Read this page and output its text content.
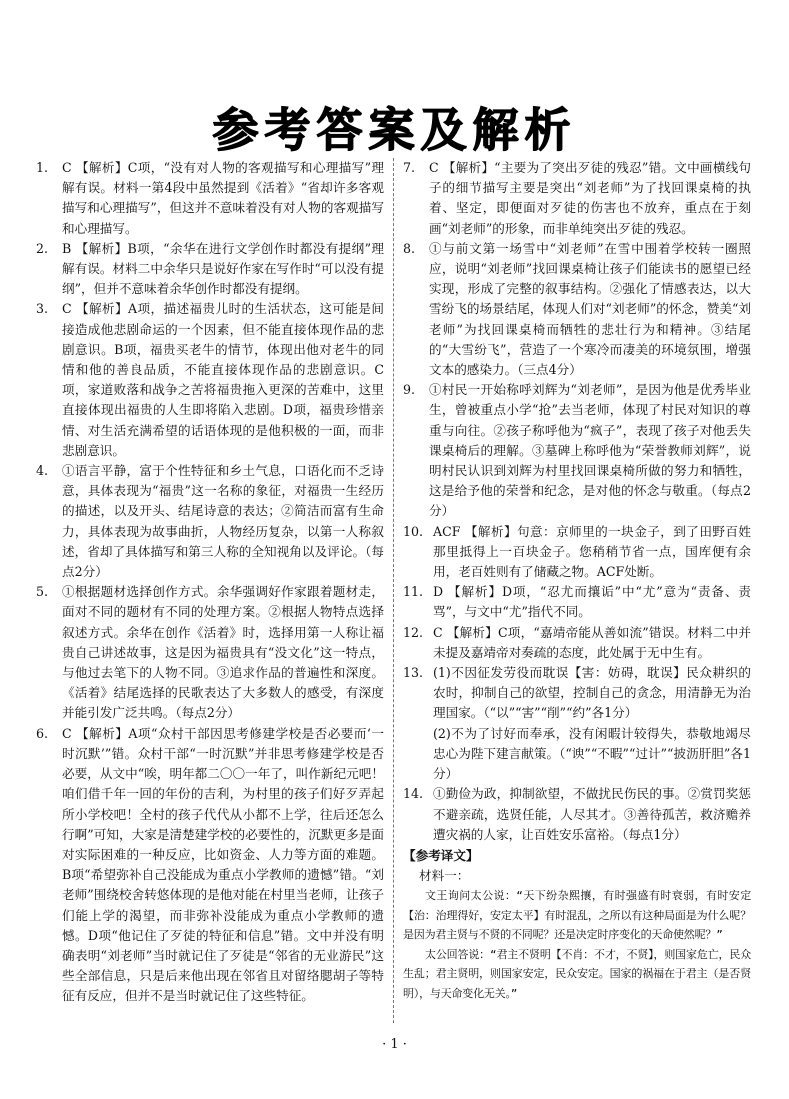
参考答案及解析
1.	C 【解析】C项，“没有对人物的客观描写和心理描写”理解有误。材料一第4段中虽然提到《活着》“省却许多客观描写和心理描写”，但这并不意味着没有对人物的客观描写和心理描写。

2.	B 【解析】B项，“余华在进行文学创作时都没有提纲”理解有误。材料二中余华只是说好作家在写作时“可以没有提纲”，但并不意味着余华创作时都没有提纲。

3.	C 【解析】A项，描述福贵儿时的生活状态，这可能是间接造成他悲剧命运的一个因素，但不能直接体现作品的悲剧意识。B项，福贵买老牛的情节，体现出他对老牛的同情和他的善良品质，不能直接体现作品的悲剧意识。C项，家道败落和战争之苦将福贵拖入更深的苦难中，这里直接体现出福贵的人生即将陷入悲剧。D项，福贵珍惜亲情、对生活充满希望的话语体现的是他积极的一面，而非悲剧意识。

4.	①语言平静，富于个性特征和乡土气息，口语化而不乏诗意，具体表现为“福贵”这一名称的象征，对福贵一生经历的描述，以及开头、结尾诗意的表达；②简洁而富有生命力，具体表现为故事曲折，人物经历复杂，以第一人称叙述，省却了具体描写和第三人称的全知视角以及评论。（每点2分）

5.	①根据题材选择创作方式。余华强调好作家跟着题材走，面对不同的题材有不同的处理方案。②根据人物特点选择叙述方式。余华在创作《活着》时，选择用第一人称让福贵自己讲述故事，这是因为福贵具有“没文化”这一特点，与他过去笔下的人物不同。③追求作品的普遍性和深度。《活着》结尾选择的民歌表达了大多数人的感受，有深度并能引发广泛共鸣。（每点2分）

6.	C 【解析】A项“众村干部因思考修建学校是否必要而‘一时沉默’”错。众村干部“一时沉默”并非思考修建学校是否必要，从文中“唉，明年都二〇〇一年了，叫作新纪元吧！咱们借千年一回的年份的吉利，为村里的孩子们好歹弄起所小学校吧！全村的孩子代代从小都不上学，往后还怎么行啊”可知，大家是清楚建学校的必要性的，沉默更多是面对实际困难的一种反应，比如资金、人力等方面的难题。B项“希望弥补自己没能成为重点小学教师的遗憾”错。“刘老师”围绕校舍转悠体现的是他对能在村里当老师，让孩子们能上学的渴望，而非弥补没能成为重点小学教师的遗憾。D项“他记住了歹徒的特征和信息”错。文中并没有明确表明“刘老师”当时就记住了歹徒是“邻省的无业游民”这些全部信息，只是后来他出现在邻省且对留络腮胡子等特征有反应，但并不是当时就记住了这些特征。

7.	C 【解析】“主要为了突出歹徒的残忍”错。文中画横线句子的细节描写主要是突出“刘老师”为了找回课桌椅的执着、坚定，即便面对歹徒的伤害也不放弃，重点在于刻画“刘老师”的形象，而非单纯突出歹徒的残忍。

8.	①与前文第一场雪中“刘老师”在雪中围着学校转一圈照应，说明“刘老师”找回课桌椅让孩子们能读书的愿望已经实现，形成了完整的叙事结构。②强化了情感表达，以大雪纷飞的场景结尾，体现人们对“刘老师”的怀念，赞美“刘老师”为找回课桌椅而牺牲的悲壮行为和精神。③结尾的“大雪纷飞”，营造了一个寒冷而凄美的环境氛围，增强文本的感染力。（三点4分）

9.	①村民一开始称呼刘辉为“刘老师”，是因为他是优秀毕业生，曾被重点小学“抢”去当老师，体现了村民对知识的尊重与向往。②孩子称呼他为“疯子”，表现了孩子对他丢失课桌椅后的理解。③墓碑上称呼他为“荣誉教师刘辉”，说明村民认识到刘辉为村里找回课桌椅所做的努力和牺牲，这是给予他的荣誉和纪念，是对他的怀念与敬重。（每点2分）

10. ACF 【解析】句意：京师里的一块金子，到了田野百姓那里抵得上一百块金子。您稍稍节省一点，国库便有余用，老百姓则有了储藏之物。ACF处断。

11. D 【解析】D项，“忍尤而攘诟”中“尤”意为“责备、责骂”，与文中“尤”指代不同。

12. C 【解析】C项，“嘉靖帝能从善如流”错误。材料二中并未提及嘉靖帝对奏疏的态度，此处属于无中生有。

13. (1)不因征发劳役而耽误【害：妨碍，耽误】民众耕织的农时，抑制自己的欲望，控制自己的贪念，用清静无为治理国家。（“以”“害”“削”“约”各1分）

(2)不为了讨好而奉承，没有闲暇计较得失，恭敬地竭尽忠心为陛下建言献策。（“谀”“不暇”“过计”“披沥肝胆”各1分）

14. ①勤俭为政，抑制欲望，不做扰民伤民的事。②赏罚奖惩不避亲疏，选贤任能，人尽其才。③善待孤苦，救济赡养遭灾祸的人家，让百姓安乐富裕。（每点1分）

【参考译文】
材料一：

文王询问太公说：“天下纷杂熙攘，有时强盛有时衰弱，有时安定【治：治理得好，安定太平】有时混乱，之所以有这种局面是为什么呢？是因为君主贤与不贤的不同呢？还是决定时序变化的天命使然呢？”

太公回答说：“君主不贤明【不肖：不才，不贤】，则国家危亡，民众生乱；君主贤明，则国家安定，民众安定。国家的祸福在于君主（是否贤明），与天命变化无关。”

· 1 ·
